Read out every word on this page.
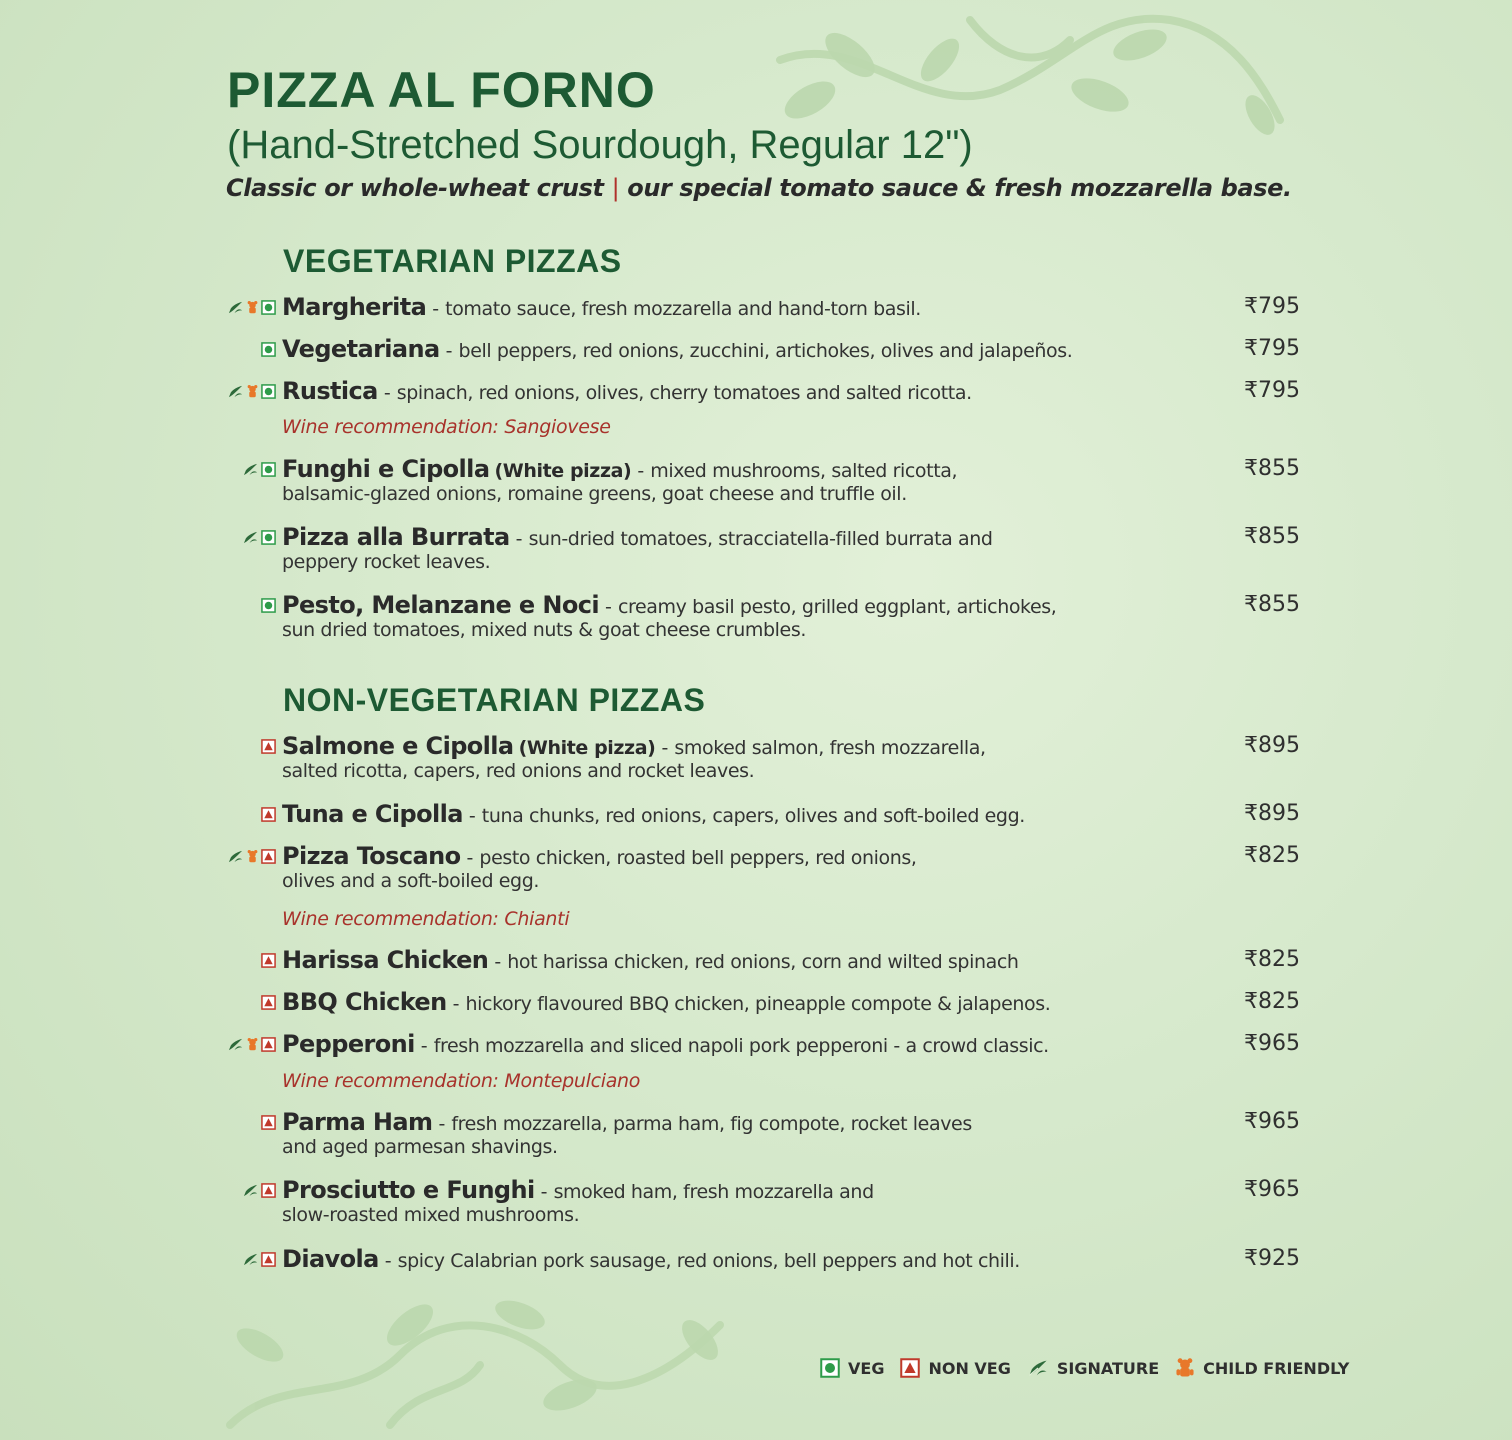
PIZZA AL FORNO
(Hand-Stretched Sourdough, Regular 12")
Classic or whole-wheat crust | our special tomato sauce & fresh mozzarella base.
VEGETARIAN PIZZAS
NON-VEGETARIAN PIZZAS
Margherita - tomato sauce, fresh mozzarella and hand-torn basil.	₹795
Vegetariana - bell peppers, red onions, zucchini, artichokes, olives and jalapeños.	₹795
Rustica - spinach, red onions, olives, cherry tomatoes and salted ricotta.	₹795
Wine recommendation: Sangiovese
Funghi e Cipolla (White pizza) - mixed mushrooms, salted ricotta,
balsamic-glazed onions, romaine greens, goat cheese and truffle oil.
₹855
Pizza alla Burrata - sun-dried tomatoes, stracciatella-filled burrata and
peppery rocket leaves.
₹855
Pesto, Melanzane e Noci - creamy basil pesto, grilled eggplant, artichokes,
sun dried tomatoes, mixed nuts & goat cheese crumbles.
₹855
Salmone e Cipolla (White pizza) - smoked salmon, fresh mozzarella,
salted ricotta, capers, red onions and rocket leaves.
₹895
Tuna e Cipolla - tuna chunks, red onions, capers, olives and soft-boiled egg.	₹895
Pizza Toscano - pesto chicken, roasted bell peppers, red onions,
olives and a soft-boiled egg.
₹825
Wine recommendation: Chianti
Harissa Chicken - hot harissa chicken, red onions, corn and wilted spinach	₹825
BBQ Chicken - hickory flavoured BBQ chicken, pineapple compote & jalapenos.	₹825
Pepperoni - fresh mozzarella and sliced napoli pork pepperoni - a crowd classic.	₹965
Wine recommendation: Montepulciano
Parma Ham - fresh mozzarella, parma ham, fig compote, rocket leaves
and aged parmesan shavings.
₹965
Prosciutto e Funghi - smoked ham, fresh mozzarella and
slow-roasted mixed mushrooms.
₹965
Diavola - spicy Calabrian pork sausage, red onions, bell peppers and hot chili.	₹925
VEG	NON VEG	SIGNATURE	CHILD FRIENDLY
